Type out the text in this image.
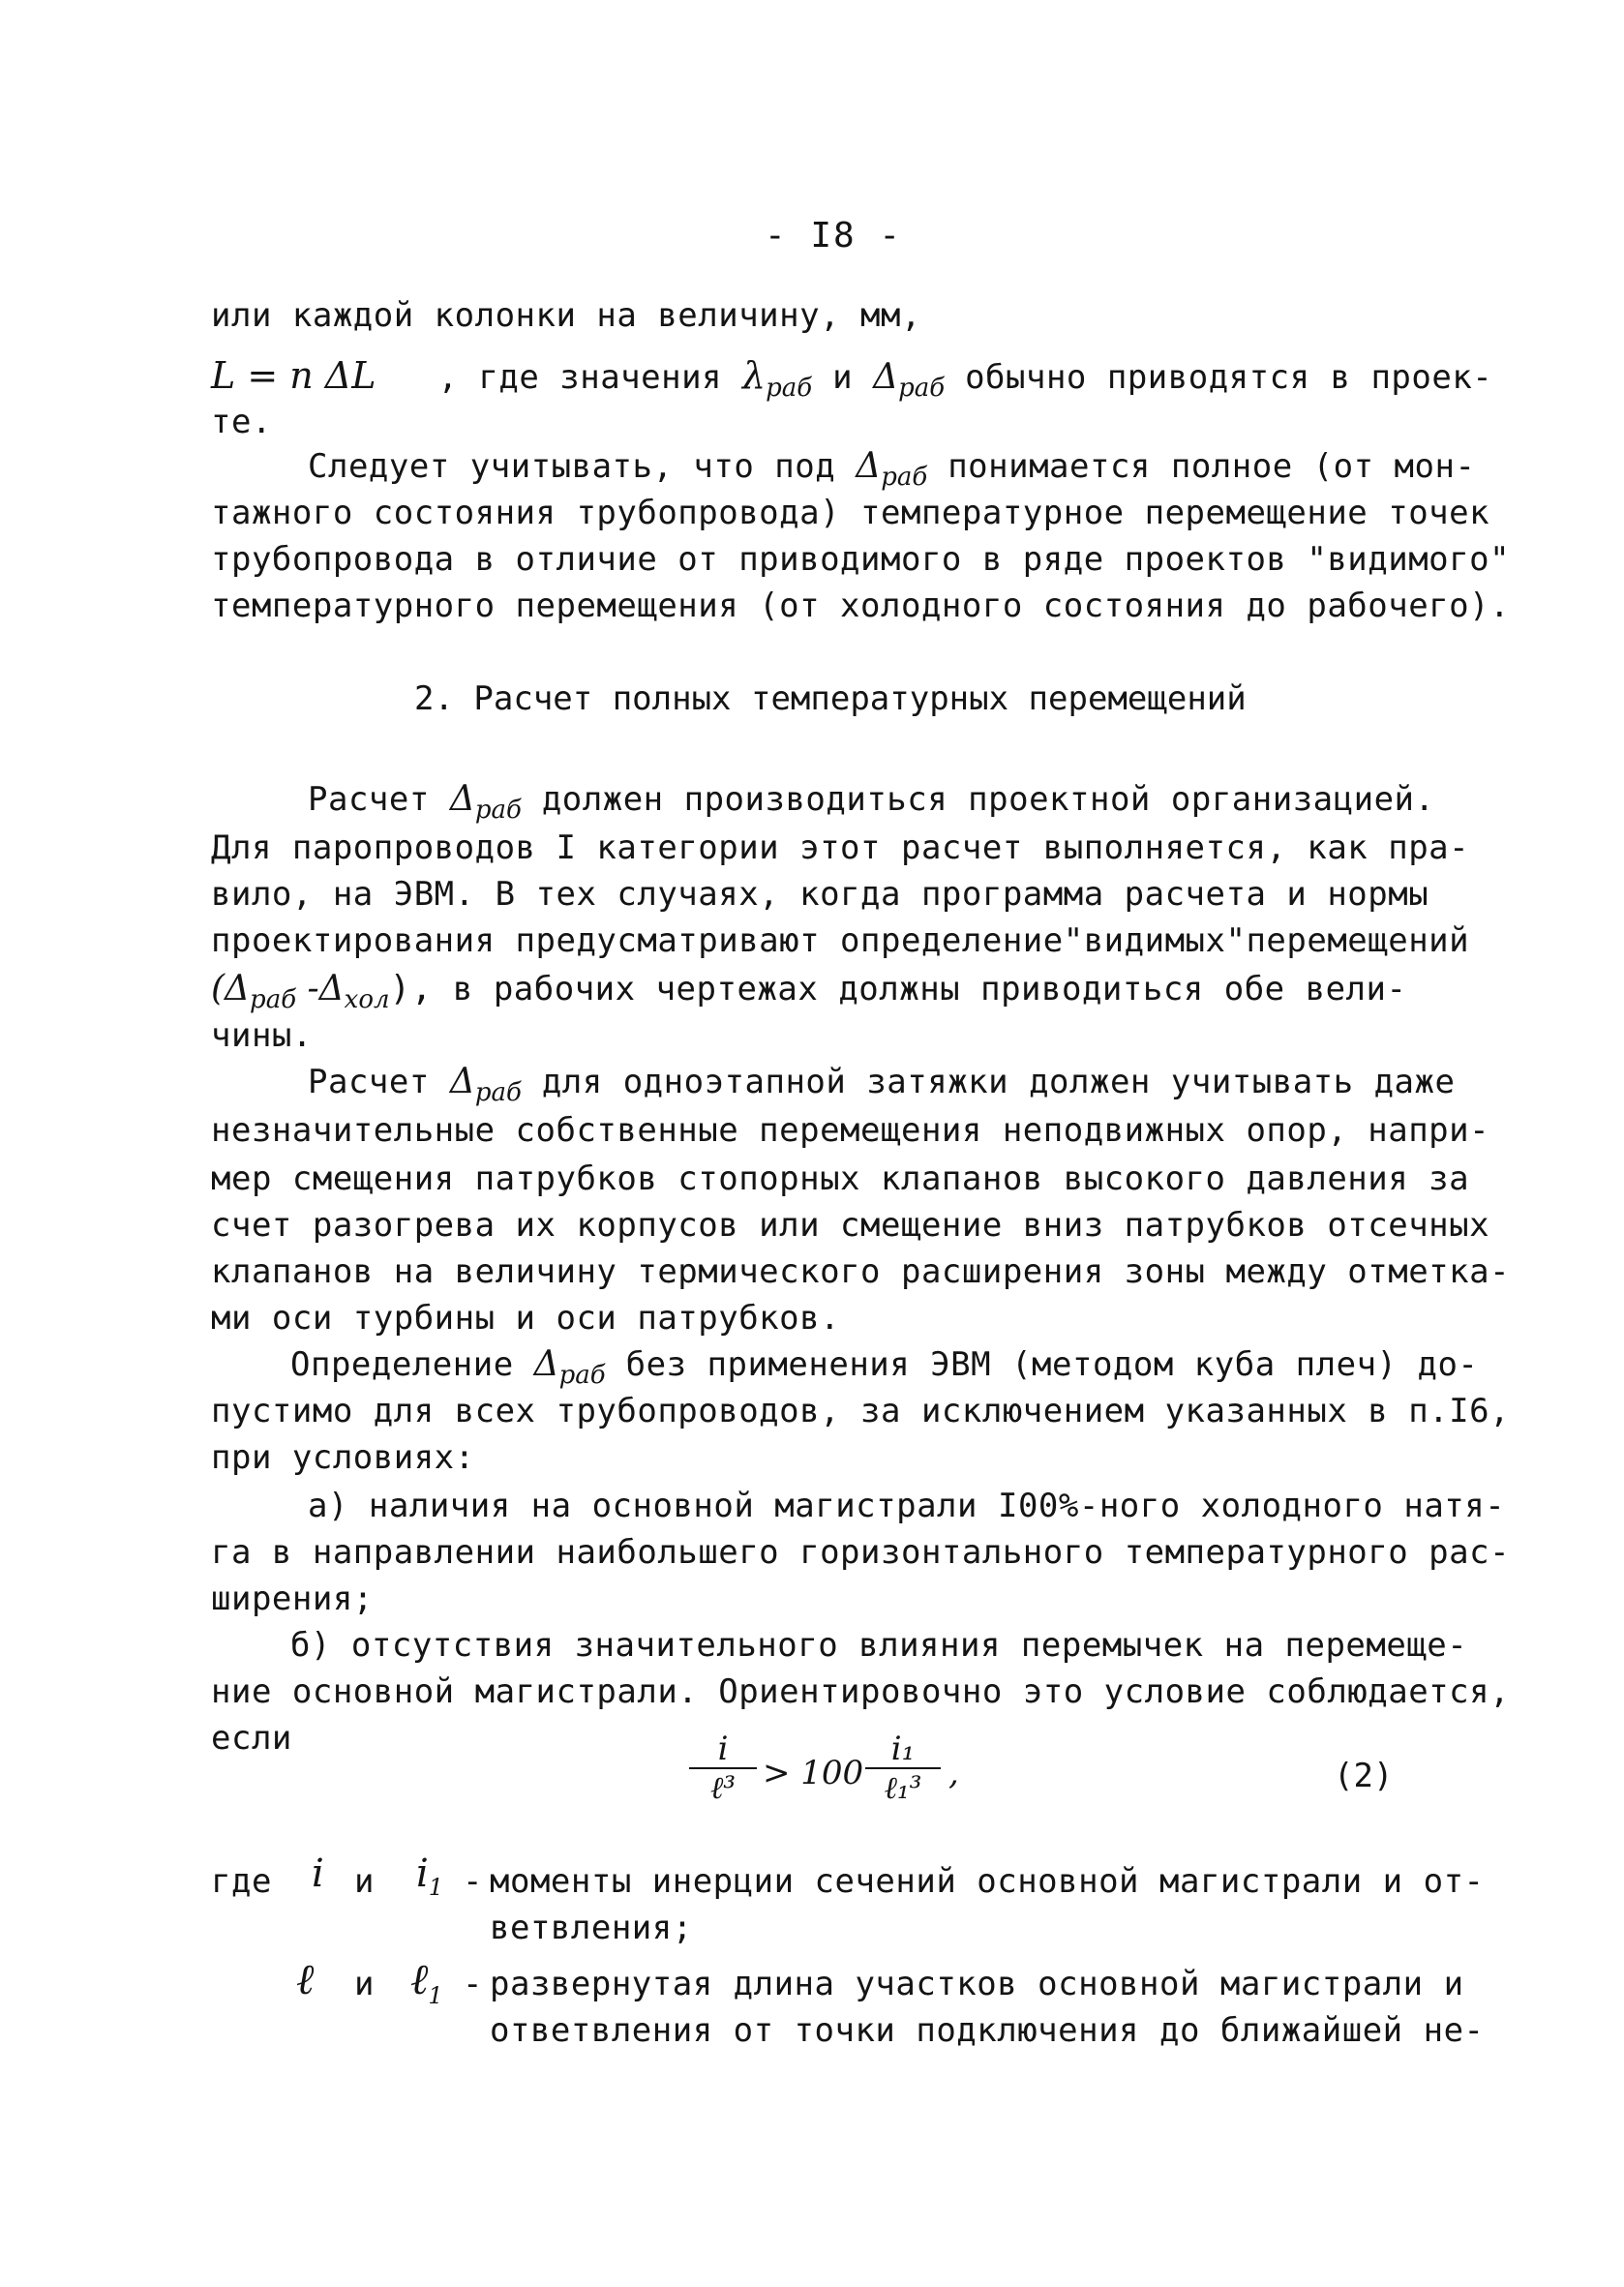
- I8 -
или каждой колонки на величину, мм,
L = n ΔL , где значения $\lambda_{раб}$ и $\Delta_{раб}$ обычно приводятся в проек-
те.
Следует учитывать, что под $\Delta_{раб}$ понимается полное (от мон-
тажного состояния трубопровода) температурное перемещение точек
трубопровода в отличие от приводимого в ряде проектов "видимого"
температурного перемещения (от холодного состояния до рабочего).
2. Расчет полных температурных перемещений
Расчет $\Delta_{раб}$ должен производиться проектной организацией.
Для паропроводов I категории этот расчет выполняется, как пра-
вило, на ЭВМ. В тех случаях, когда программа расчета и нормы
проектирования предусматривают определение"видимых"перемещений
($\Delta_{раб}$ $-\Delta_{хол}$), в рабочих чертежах должны приводиться обе вели-
чины.
Расчет $\Delta_{раб}$ для одноэтапной затяжки должен учитывать даже
незначительные собственные перемещения неподвижных опор, напри-
мер смещения патрубков стопорных клапанов высокого давления за
счет разогрева их корпусов или смещение вниз патрубков отсечных
клапанов на величину термического расширения зоны между отметка-
ми оси турбины и оси патрубков.
Определение $\Delta_{раб}$ без применения ЭВМ (методом куба плеч) до-
пустимо для всех трубопроводов, за исключением указанных в п.I6,
при условиях:
а) наличия на основной магистрали I00%-ного холодного натя-
га в направлении наибольшего горизонтального температурного рас-
ширения;
б) отсутствия значительного влияния перемычек на перемеще-
ние основной магистрали. Ориентировочно это условие соблюдается,
если	i
ℓ³ > 100
i₁
ℓ₁³ ,	(2)
где i и $i_1$ - моменты инерции сечений основной магистрали и от-
ветвления;
ℓ и ℓ$_1$ - развернутая длина участков основной магистрали и
ответвления от точки подключения до ближайшей не-
